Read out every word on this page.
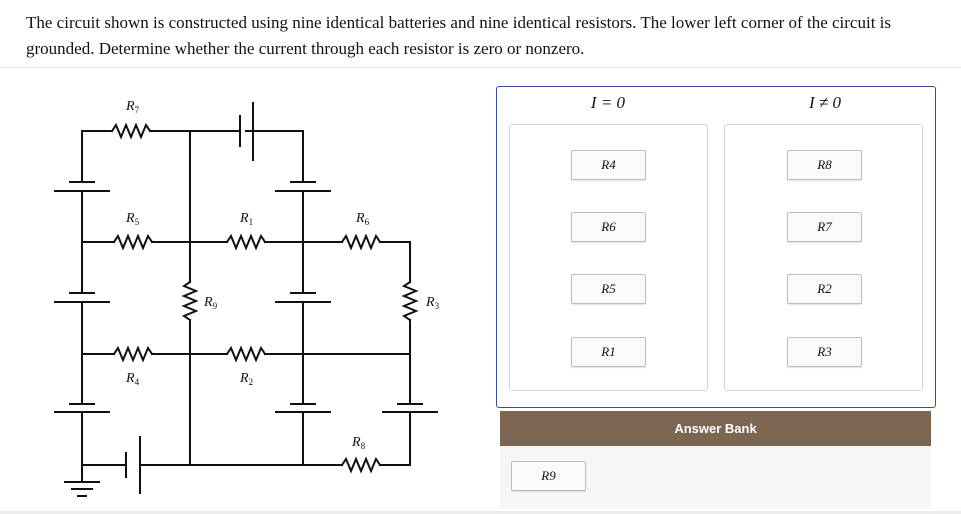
The circuit shown is constructed using nine identical batteries and nine identical resistors. The lower left corner of the circuit is grounded. Determine whether the current through each resistor is zero or nonzero.
$R_7$
$R_5$	$R_1$	$R_6$
$R_9$	$R_3$
$R_4$	$R_2$
$R_8$
I = 0	I ≠ 0
R4
R6
R5
R1
R8
R7
R2
R3
Answer Bank
R9
